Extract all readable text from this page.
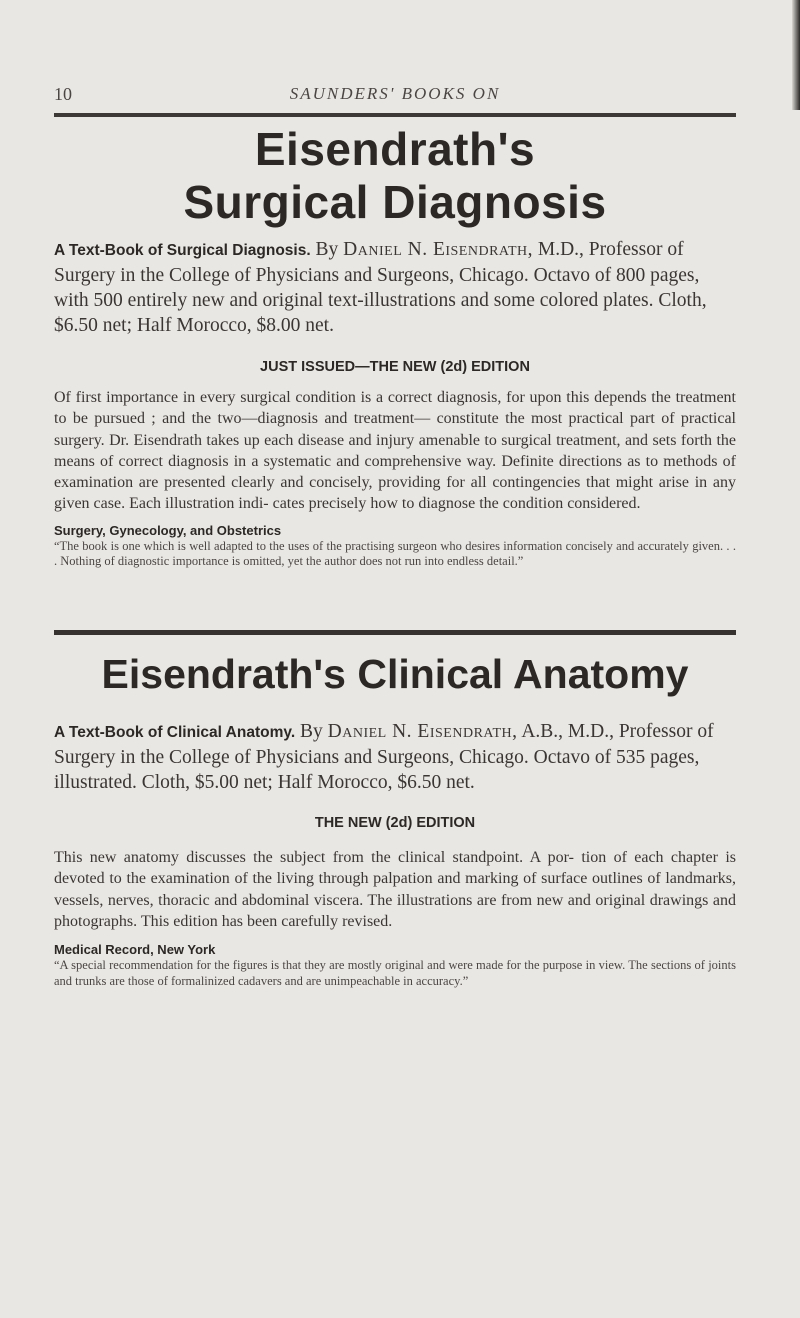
10	SAUNDERS' BOOKS ON
Eisendrath's
Surgical Diagnosis

A Text-Book of Surgical Diagnosis. By Daniel N. Eisendrath, M.D., Professor of Surgery in the College of Physicians and Surgeons, Chicago. Octavo of 800 pages, with 500 entirely new and original text-illustrations and some colored plates. Cloth, $6.50 net; Half Morocco, $8.00 net.

JUST ISSUED—THE NEW (2d) EDITION

Of first importance in every surgical condition is a correct diagnosis, for upon this depends the treatment to be pursued ; and the two—diagnosis and treatment— constitute the most practical part of practical surgery. Dr. Eisendrath takes up each disease and injury amenable to surgical treatment, and sets forth the means of correct diagnosis in a systematic and comprehensive way. Definite directions as to methods of examination are presented clearly and concisely, providing for all contingencies that might arise in any given case. Each illustration indi- cates precisely how to diagnose the condition considered.

Surgery, Gynecology, and Obstetrics

“The book is one which is well adapted to the uses of the practising surgeon who desires information concisely and accurately given. . . . Nothing of diagnostic importance is omitted, yet the author does not run into endless detail.”

Eisendrath's Clinical Anatomy

A Text-Book of Clinical Anatomy. By Daniel N. Eisendrath, A.B., M.D., Professor of Surgery in the College of Physicians and Surgeons, Chicago. Octavo of 535 pages, illustrated. Cloth, $5.00 net; Half Morocco, $6.50 net.

THE NEW (2d) EDITION

This new anatomy discusses the subject from the clinical standpoint. A por- tion of each chapter is devoted to the examination of the living through palpation and marking of surface outlines of landmarks, vessels, nerves, thoracic and abdominal viscera. The illustrations are from new and original drawings and photographs. This edition has been carefully revised.

Medical Record, New York

“A special recommendation for the figures is that they are mostly original and were made for the purpose in view. The sections of joints and trunks are those of formalinized cadavers and are unimpeachable in accuracy.”
